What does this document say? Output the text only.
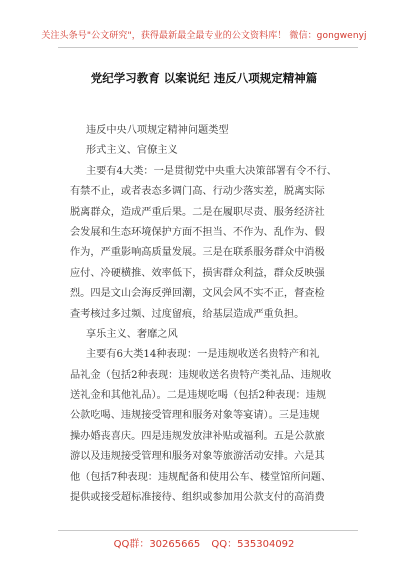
关注头条号"公文研究"，获得最新最全最专业的公文资料库！ 微信：gongwenyj
党纪学习教育 以案说纪 违反八项规定精神篇
违反中央八项规定精神问题类型
形式主义、官僚主义
主要有4大类：一是贯彻党中央重大决策部署有令不行、
有禁不止，或者表态多调门高、行动少落实差，脱离实际
脱离群众，造成严重后果。二是在履职尽责、服务经济社
会发展和生态环境保护方面不担当、不作为、乱作为、假
作为，严重影响高质量发展。三是在联系服务群众中消极
应付、冷硬横推、效率低下，损害群众利益，群众反映强
烈。四是文山会海反弹回潮，文风会风不实不正，督查检
查考核过多过频、过度留痕，给基层造成严重负担。
享乐主义、奢靡之风
主要有6大类14种表现：一是违规收送名贵特产和礼
品礼金（包括2种表现：违规收送名贵特产类礼品、违规收
送礼金和其他礼品）。二是违规吃喝（包括2种表现：违规
公款吃喝、违规接受管理和服务对象等宴请）。三是违规
操办婚丧喜庆。四是违规发放津补贴或福利。五是公款旅
游以及违规接受管理和服务对象等旅游活动安排。六是其
他（包括7种表现：违规配备和使用公车、楼堂馆所问题、
提供或接受超标准接待、组织或参加用公款支付的高消费
QQ群：30265665 QQ：535304092
